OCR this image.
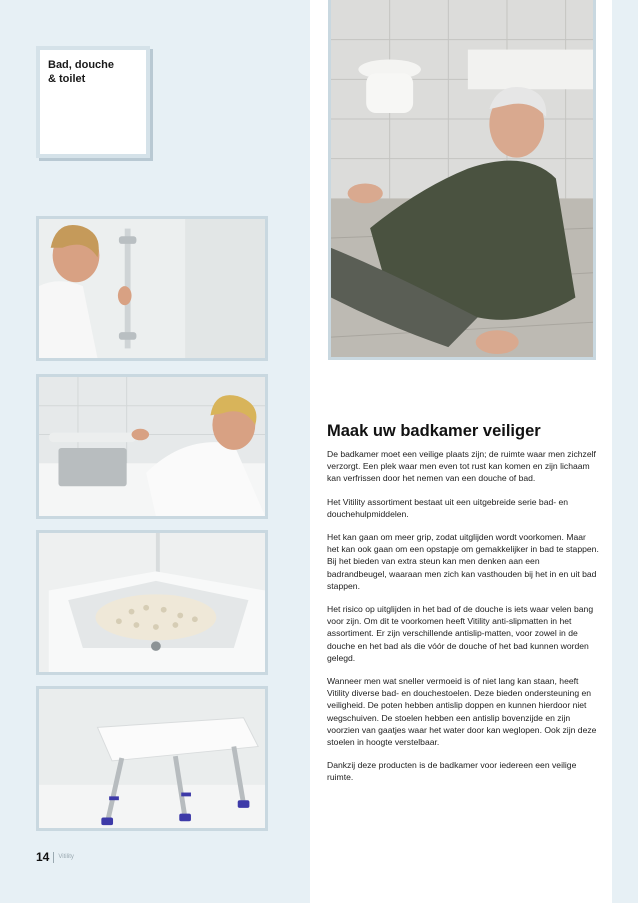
Bad, douche
& toilet
Maak uw badkamer veiliger

De badkamer moet een veilige plaats zijn; de ruimte waar men zichzelf verzorgt. Een plek waar men even tot rust kan komen en zijn lichaam kan verfrissen door het nemen van een douche of bad.

Het Vitility assortiment bestaat uit een uitgebreide serie bad- en douchehulpmiddelen.

Het kan gaan om meer grip, zodat uitglijden wordt voorkomen. Maar het kan ook gaan om een opstapje om gemakkelijker in bad te stappen. Bij het bieden van extra steun kan men denken aan een badrandbeugel, waaraan men zich kan vasthouden bij het in en uit bad stappen.

Het risico op uitglijden in het bad of de douche is iets waar velen bang voor zijn. Om dit te voorkomen heeft Vitility anti-slipmatten in het assortiment. Er zijn verschillende antislip-matten, voor zowel in de douche en het bad als die vóór de douche of het bad kunnen worden gelegd.

Wanneer men wat sneller vermoeid is of niet lang kan staan, heeft Vitility diverse bad- en douchestoelen. Deze bieden ondersteuning en veiligheid. De poten hebben antislip doppen en kunnen hierdoor niet wegschuiven. De stoelen hebben een antislip bovenzijde en zijn voorzien van gaatjes waar het water door kan weglopen. Ook zijn deze stoelen in hoogte verstelbaar.

Dankzij deze producten is de badkamer voor iedereen een veilige ruimte.

14 Vitility
